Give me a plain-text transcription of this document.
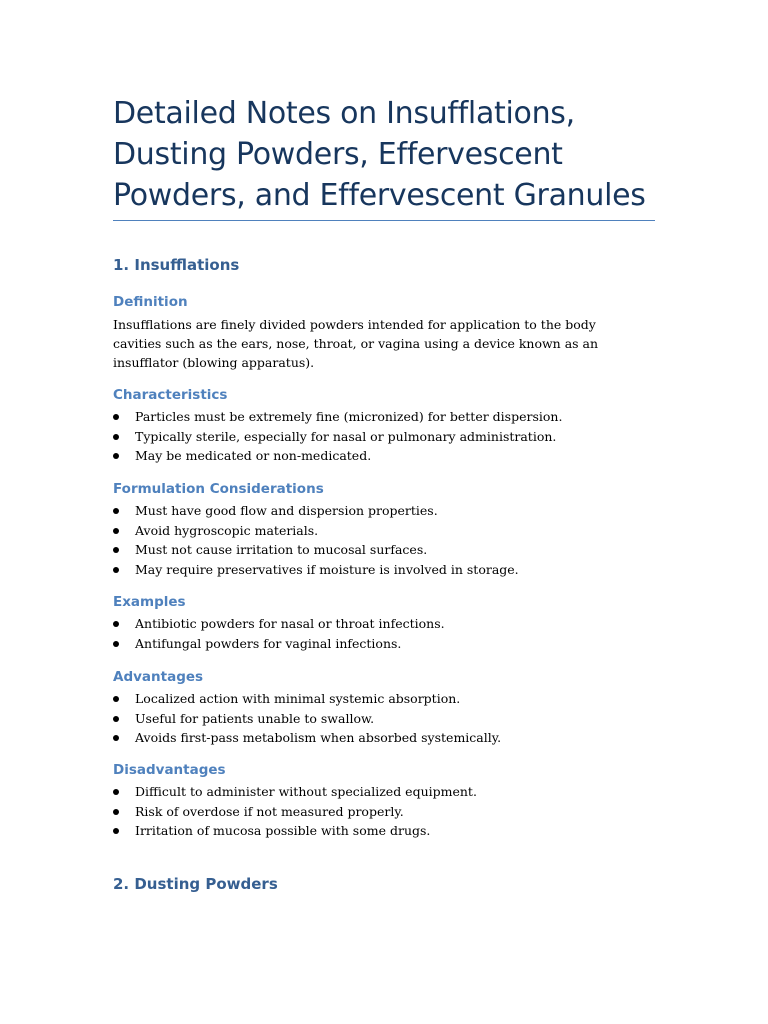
Detailed Notes on Insufflations, Dusting Powders, Effervescent Powders, and Effervescent Granules
1. Insufflations
Definition

Insufflations are finely divided powders intended for application to the body cavities such as the ears, nose, throat, or vagina using a device known as an insufflator (blowing apparatus).

Characteristics
Particles must be extremely fine (micronized) for better dispersion.
Typically sterile, especially for nasal or pulmonary administration.
May be medicated or non-medicated.
Formulation Considerations
Must have good flow and dispersion properties.
Avoid hygroscopic materials.
Must not cause irritation to mucosal surfaces.
May require preservatives if moisture is involved in storage.
Examples
Antibiotic powders for nasal or throat infections.
Antifungal powders for vaginal infections.
Advantages
Localized action with minimal systemic absorption.
Useful for patients unable to swallow.
Avoids first-pass metabolism when absorbed systemically.
Disadvantages
Difficult to administer without specialized equipment.
Risk of overdose if not measured properly.
Irritation of mucosa possible with some drugs.
2. Dusting Powders
